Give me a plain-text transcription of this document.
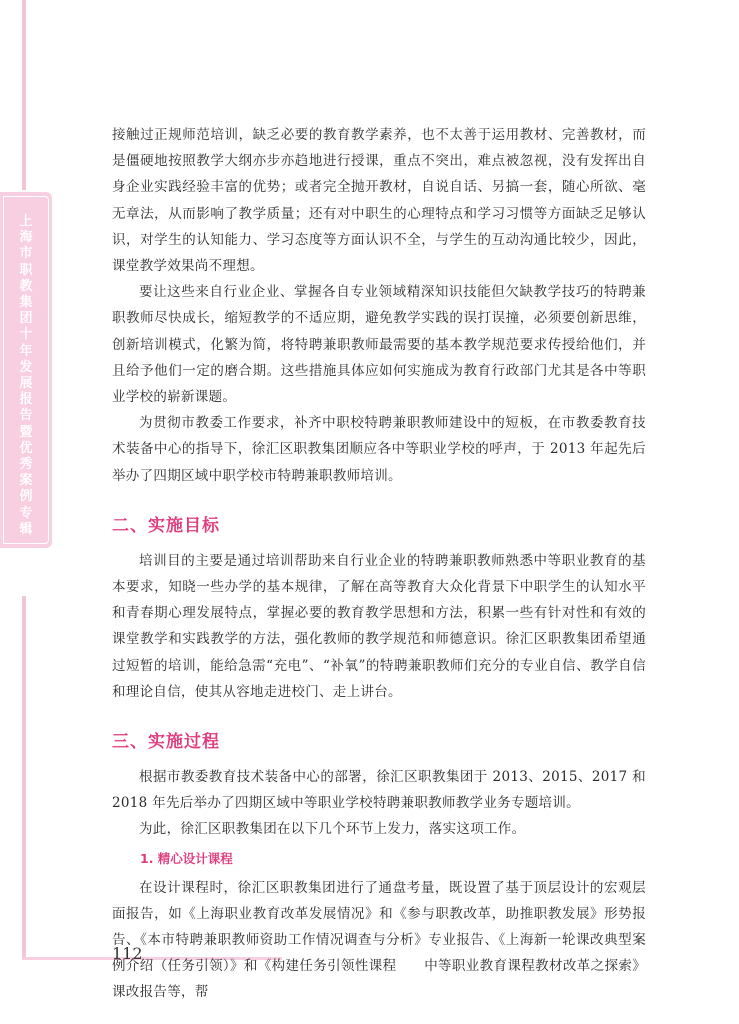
上
海
市
职
教
集
团
十
年
发
展
报
告
暨
优
秀
案
例
专
辑
112

接触过正规师范培训，缺乏必要的教育教学素养，也不太善于运用教材、完善教材，而是僵硬地按照教学大纲亦步亦趋地进行授课，重点不突出，难点被忽视，没有发挥出自身企业实践经验丰富的优势；或者完全抛开教材，自说自话、另搞一套，随心所欲、毫无章法，从而影响了教学质量；还有对中职生的心理特点和学习习惯等方面缺乏足够认识，对学生的认知能力、学习态度等方面认识不全，与学生的互动沟通比较少，因此，课堂教学效果尚不理想。

要让这些来自行业企业、掌握各自专业领域精深知识技能但欠缺教学技巧的特聘兼职教师尽快成长，缩短教学的不适应期，避免教学实践的误打误撞，必须要创新思维，创新培训模式，化繁为简，将特聘兼职教师最需要的基本教学规范要求传授给他们，并且给予他们一定的磨合期。这些措施具体应如何实施成为教育行政部门尤其是各中等职业学校的崭新课题。

为贯彻市教委工作要求，补齐中职校特聘兼职教师建设中的短板，在市教委教育技术装备中心的指导下，徐汇区职教集团顺应各中等职业学校的呼声，于 2013 年起先后举办了四期区域中职学校市特聘兼职教师培训。

二、实施目标

培训目的主要是通过培训帮助来自行业企业的特聘兼职教师熟悉中等职业教育的基本要求，知晓一些办学的基本规律，了解在高等教育大众化背景下中职学生的认知水平和青春期心理发展特点，掌握必要的教育教学思想和方法，积累一些有针对性和有效的课堂教学和实践教学的方法，强化教师的教学规范和师德意识。徐汇区职教集团希望通过短暂的培训，能给急需“充电”、“补氧”的特聘兼职教师们充分的专业自信、教学自信和理论自信，使其从容地走进校门、走上讲台。

三、实施过程

根据市教委教育技术装备中心的部署，徐汇区职教集团于 2013、2015、2017 和 2018 年先后举办了四期区域中等职业学校特聘兼职教师教学业务专题培训。

为此，徐汇区职教集团在以下几个环节上发力，落实这项工作。

1. 精心设计课程

在设计课程时，徐汇区职教集团进行了通盘考量，既设置了基于顶层设计的宏观层面报告，如《上海职业教育改革发展情况》和《参与职教改革，助推职教发展》形势报告、《本市特聘兼职教师资助工作情况调查与分析》专业报告、《上海新一轮课改典型案例介绍（任务引领）》和《构建任务引领性课程　　中等职业教育课程教材改革之探索》课改报告等，帮
